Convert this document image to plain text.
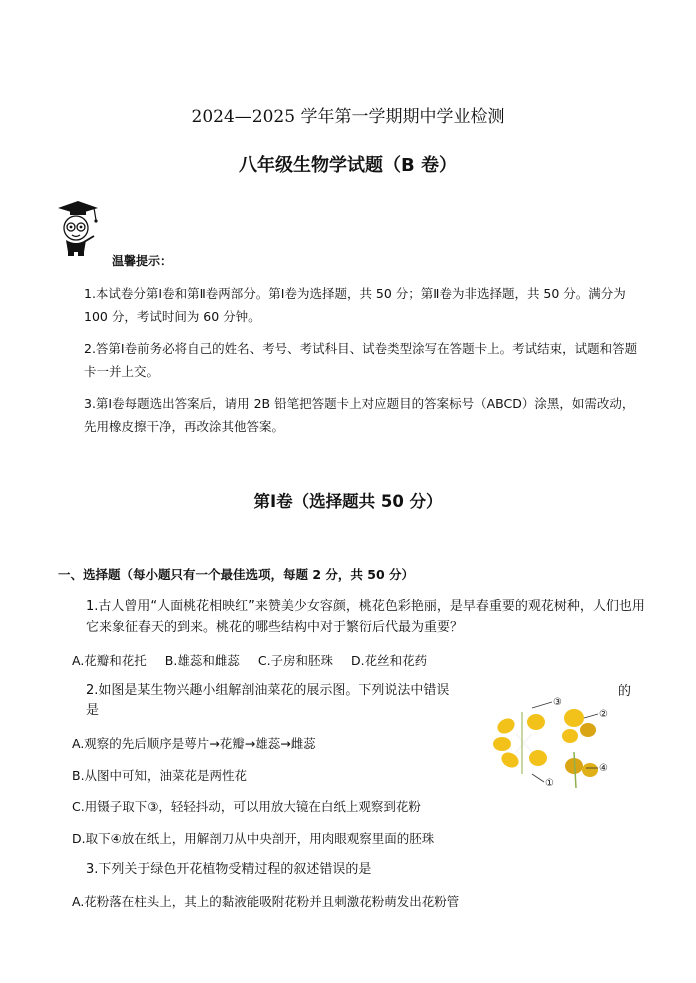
2024—2025 学年第一学期期中学业检测
八年级生物学试题（B 卷）
温馨提示：
1.本试卷分第Ⅰ卷和第Ⅱ卷两部分。第Ⅰ卷为选择题，共 50 分；第Ⅱ卷为非选择题，共 50 分。满分为 100 分，考试时间为 60 分钟。
2.答第Ⅰ卷前务必将自己的姓名、考号、考试科目、试卷类型涂写在答题卡上。考试结束，试题和答题卡一并上交。
3.第Ⅰ卷每题选出答案后，请用 2B 铅笔把答题卡上对应题目的答案标号（ABCD）涂黑，如需改动，先用橡皮擦干净，再改涂其他答案。
第Ⅰ卷（选择题共 50 分）
一、选择题（每小题只有一个最佳选项，每题 2 分，共 50 分）
1.古人曾用“人面桃花相映红”来赞美少女容颜，桃花色彩艳丽，是早春重要的观花树种，人们也用它来象征春天的到来。桃花的哪些结构中对于繁衍后代最为重要？
A.花瓣和花托 B.雄蕊和雌蕊 C.子房和胚珠 D.花丝和花药
2.如图是某生物兴趣小组解剖油菜花的展示图。下列说法中错误	的
是
③
②
④
①
A.观察的先后顺序是萼片→花瓣→雄蕊→雌蕊
B.从图中可知，油菜花是两性花
C.用镊子取下③，轻轻抖动，可以用放大镜在白纸上观察到花粉
D.取下④放在纸上，用解剖刀从中央剖开，用肉眼观察里面的胚珠
3.下列关于绿色开花植物受精过程的叙述错误的是
A.花粉落在柱头上，其上的黏液能吸附花粉并且刺激花粉萌发出花粉管
